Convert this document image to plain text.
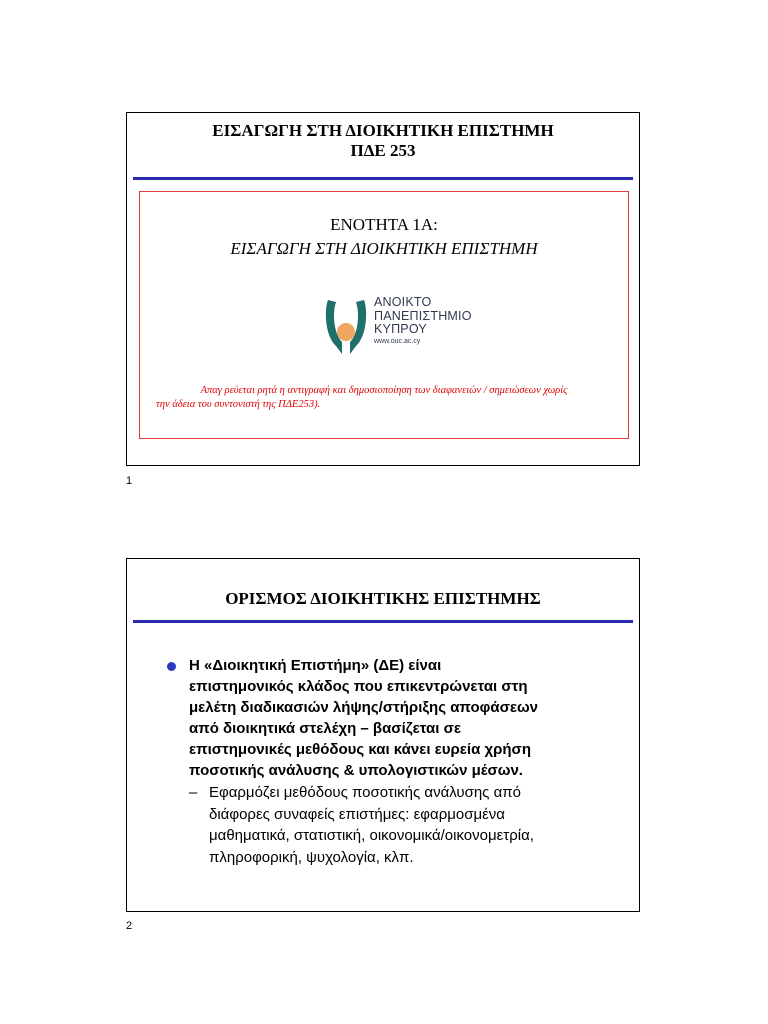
ΕΙΣΑΓΩΓΗ ΣΤΗ ΔΙΟΙΚΗΤΙΚΗ ΕΠΙΣΤΗΜΗ
ΠΔΕ 253
ΕΝΟΤΗΤΑ 1Α:
ΕΙΣΑΓΩΓΗ ΣΤΗ ΔΙΟΙΚΗΤΙΚΗ ΕΠΙΣΤΗΜΗ
ΑΝΟΙΚΤΟ
ΠΑΝΕΠΙΣΤΗΜΙΟ
ΚΥΠΡΟΥ
www.ouc.ac.cy
Απαγ ρεύεται ρητά η αντιγραφή και δημοσιοποίηση των διαφανειών / σημειώσεων χωρίς
την άδεια του συντονιστή της ΠΔΕ253).
1
ΟΡΙΣΜΟΣ ΔΙΟΙΚΗΤΙΚΗΣ ΕΠΙΣΤΗΜΗΣ
Η «Διοικητική Επιστήμη» (ΔΕ) είναι
επιστημονικός κλάδος που επικεντρώνεται στη
μελέτη διαδικασιών λήψης/στήριξης αποφάσεων
από διοικητικά στελέχη – βασίζεται σε
επιστημονικές μεθόδους και κάνει ευρεία χρήση
ποσοτικής ανάλυσης & υπολογιστικών μέσων.
– Εφαρμόζει μεθόδους ποσοτικής ανάλυσης από
διάφορες συναφείς επιστήμες: εφαρμοσμένα
μαθηματικά, στατιστική, οικονομικά/οικονομετρία,
πληροφορική, ψυχολογία, κλπ.
2
